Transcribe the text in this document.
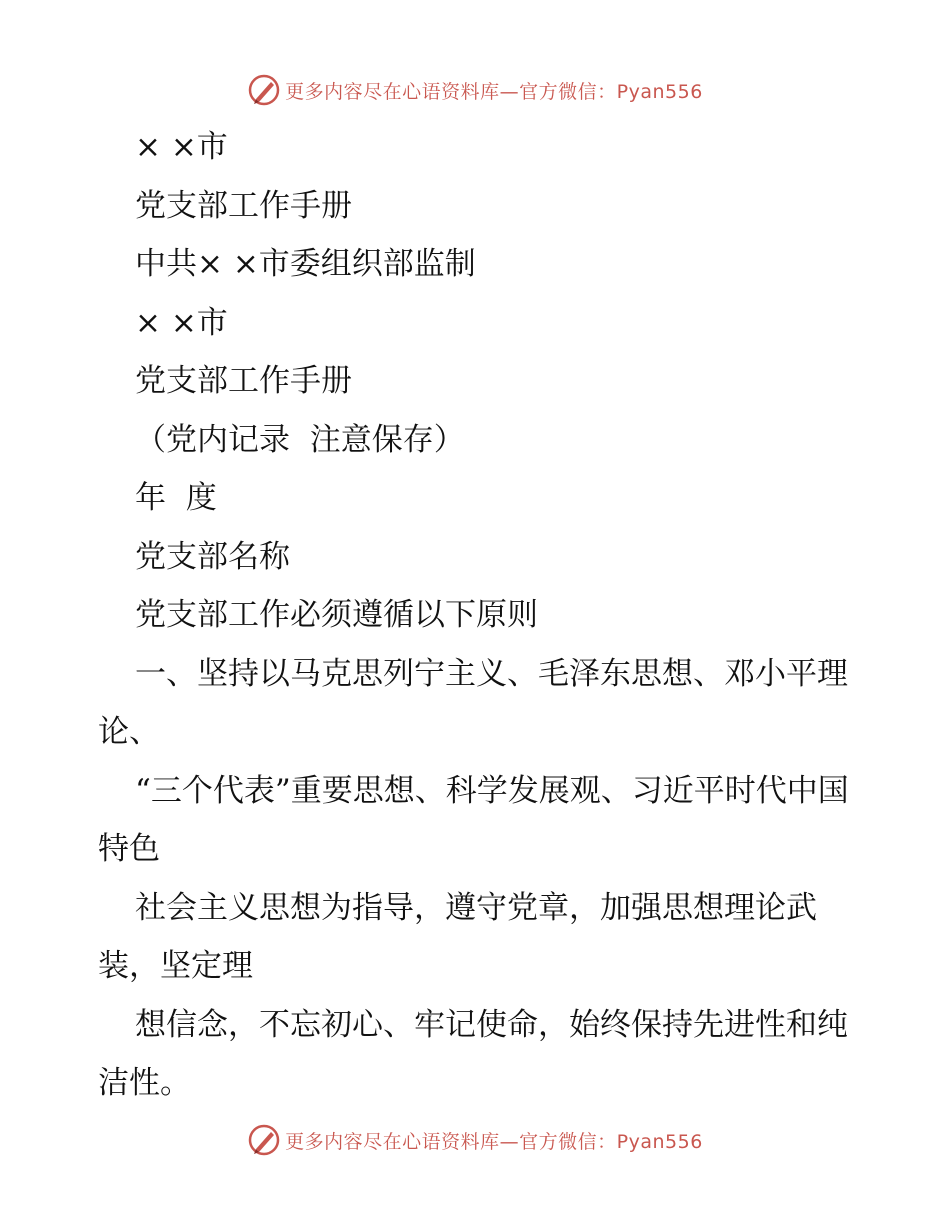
更多内容尽在心语资料库—官方微信：Pyan556

× ×市

党支部工作手册

中共× ×市委组织部监制

× ×市

党支部工作手册

（党内记录  注意保存）

年  度

党支部名称

党支部工作必须遵循以下原则

一、坚持以马克思列宁主义、毛泽东思想、邓小平理论、

“三个代表”重要思想、科学发展观、习近平时代中国特色

社会主义思想为指导，遵守党章，加强思想理论武装，坚定理

想信念，不忘初心、牢记使命，始终保持先进性和纯洁性。

更多内容尽在心语资料库—官方微信：Pyan556
